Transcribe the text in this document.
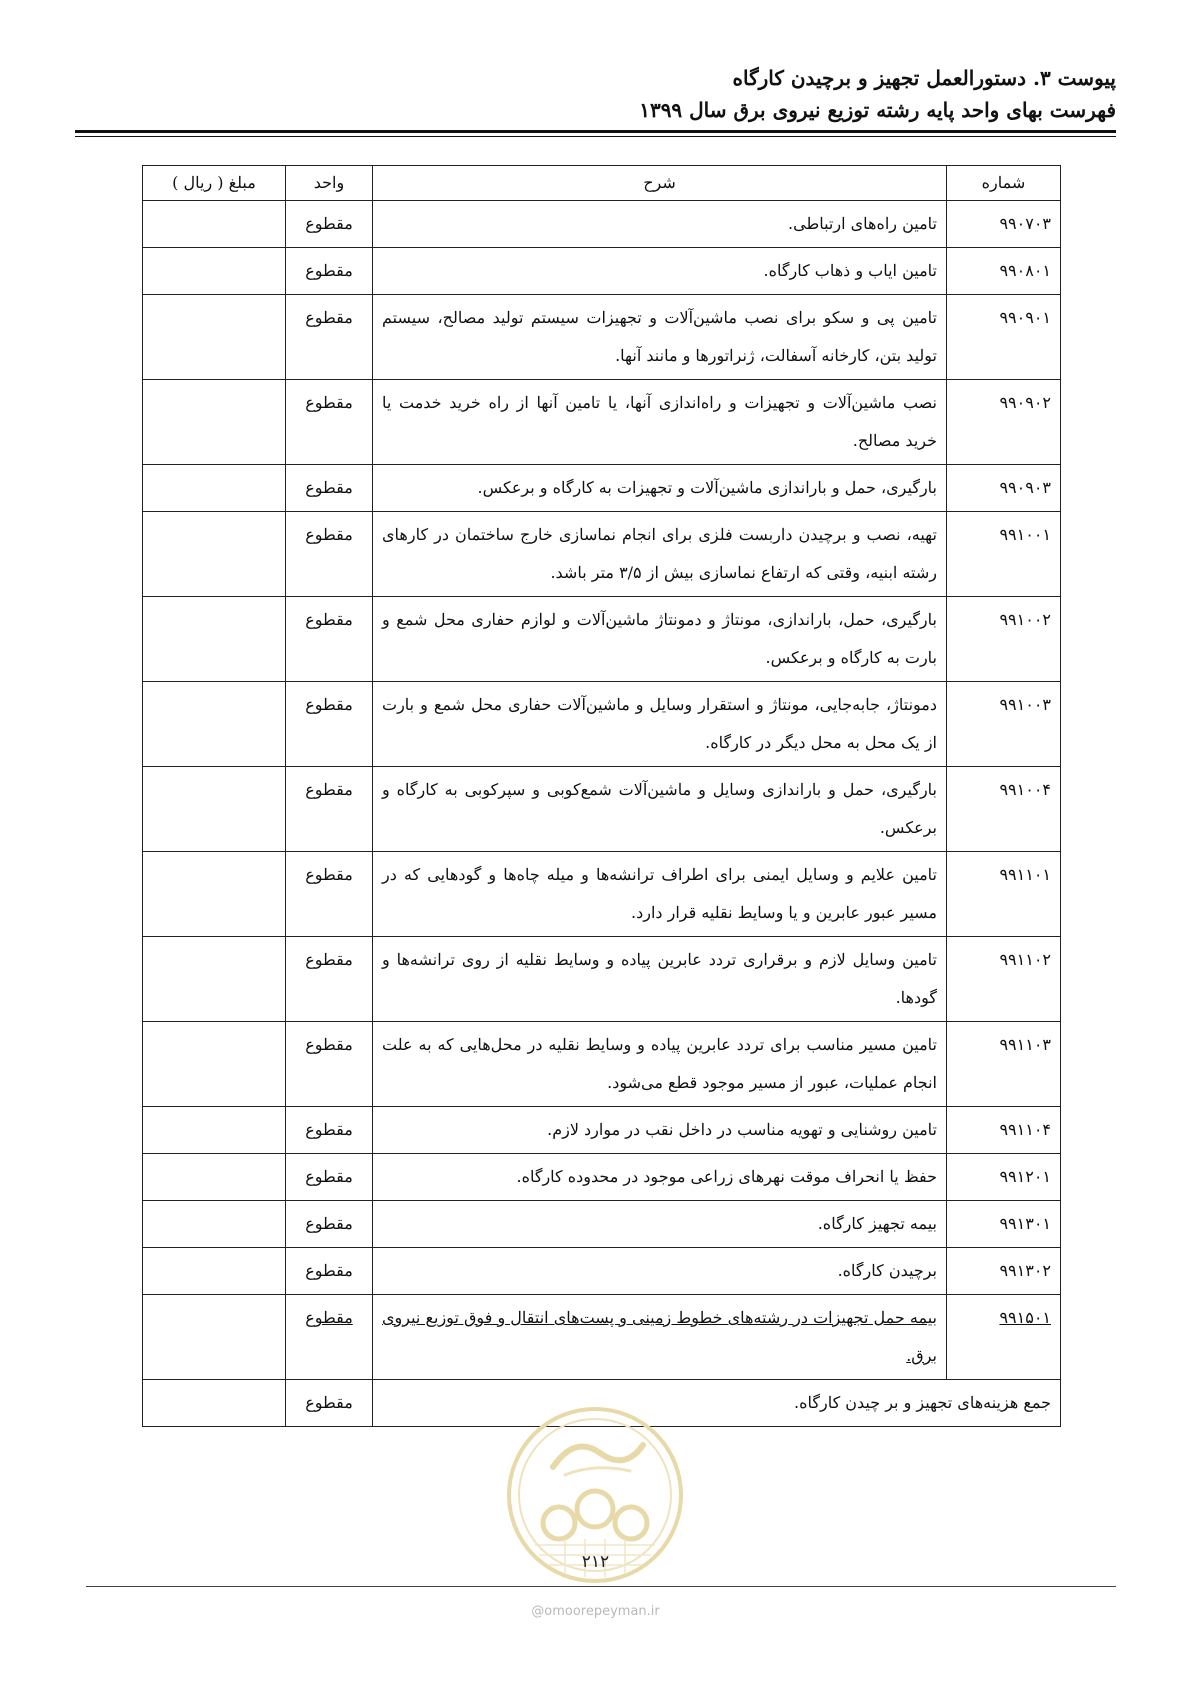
پیوست ۳. دستورالعمل تجهیز و برچیدن کارگاه
فهرست بهای واحد پایه رشته توزیع نیروی برق سال ۱۳۹۹
شماره	شرح	واحد	مبلغ ( ریال )
۹۹۰۷۰۳	تامین راه‌های ارتباطی.	مقطوع	
۹۹۰۸۰۱	تامین ایاب و ذهاب کارگاه.	مقطوع	
۹۹۰۹۰۱	تامین پی و سکو برای نصب ماشین‌آلات و تجهیزات سیستم تولید مصالح، سیستم تولید بتن، کارخانه آسفالت، ژنراتورها و مانند آنها.	مقطوع	
۹۹۰۹۰۲	نصب ماشین‌آلات و تجهیزات و راه‌اندازی آنها، یا تامین آنها از راه خرید خدمت یا خرید مصالح.	مقطوع	
۹۹۰۹۰۳	بارگیری، حمل و باراندازی ماشین‌آلات و تجهیزات به کارگاه و برعکس.	مقطوع	
۹۹۱۰۰۱	تهیه، نصب و برچیدن داربست فلزی برای انجام نماسازی خارج ساختمان در کارهای رشته ابنیه، وقتی که ارتفاع نماسازی بیش از ۳/۵ متر باشد.	مقطوع	
۹۹۱۰۰۲	بارگیری، حمل، باراندازی، مونتاژ و دمونتاژ ماشین‌آلات و لوازم حفاری محل شمع و بارت به کارگاه و برعکس.	مقطوع	
۹۹۱۰۰۳	دمونتاژ، جابه‌جایی، مونتاژ و استقرار وسایل و ماشین‌آلات حفاری محل شمع و بارت از یک محل به محل دیگر در کارگاه.	مقطوع	
۹۹۱۰۰۴	بارگیری، حمل و باراندازی وسایل و ماشین‌آلات شمع‌کوبی و سپرکوبی به کارگاه و برعکس.	مقطوع	
۹۹۱۱۰۱	تامین علایم و وسایل ایمنی برای اطراف ترانشه‌ها و میله چاه‌ها و گودهایی که در مسیر عبور عابرین و یا وسایط نقلیه قرار دارد.	مقطوع	
۹۹۱۱۰۲	تامین وسایل لازم و برقراری تردد عابرین پیاده و وسایط نقلیه از روی ترانشه‌ها و گودها.	مقطوع	
۹۹۱۱۰۳	تامین مسیر مناسب برای تردد عابرین پیاده و وسایط نقلیه در محل‌هایی که به علت انجام عملیات، عبور از مسیر موجود قطع می‌شود.	مقطوع	
۹۹۱۱۰۴	تامین روشنایی و تهویه مناسب در داخل نقب در موارد لازم.	مقطوع	
۹۹۱۲۰۱	حفظ یا انحراف موقت نهرهای زراعی موجود در محدوده کارگاه.	مقطوع	
۹۹۱۳۰۱	بیمه تجهیز کارگاه.	مقطوع	
۹۹۱۳۰۲	برچیدن کارگاه.	مقطوع	
۹۹۱۵۰۱	بیمه حمل تجهیزات در رشته‌های خطوط زمینی و پست‌های انتقال و فوق توزیع نیروی برق.	مقطوع	
جمع هزینه‌های تجهیز و بر چیدن کارگاه.		مقطوع	
۲۱۲
@omoorepeyman.ir
